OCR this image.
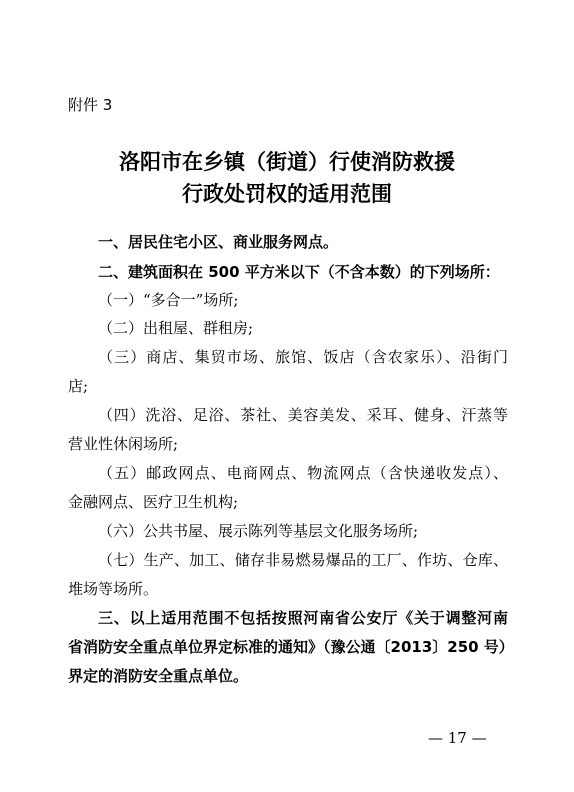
附件 3
洛阳市在乡镇（街道）行使消防救援
行政处罚权的适用范围
一、居民住宅小区、商业服务网点。
二、建筑面积在 500 平方米以下（不含本数）的下列场所：
（一）“多合一”场所;
（二）出租屋、群租房;
（三）商店、集贸市场、旅馆、饭店（含农家乐）、沿街门
店;
（四）洗浴、足浴、茶社、美容美发、采耳、健身、汗蒸等
营业性休闲场所;
（五）邮政网点、电商网点、物流网点（含快递收发点）、
金融网点、医疗卫生机构;
（六）公共书屋、展示陈列等基层文化服务场所;
（七）生产、加工、储存非易燃易爆品的工厂、作坊、仓库、
堆场等场所。
三、以上适用范围不包括按照河南省公安厅《关于调整河南
省消防安全重点单位界定标准的通知》（豫公通〔2013〕250 号）
界定的消防安全重点单位。
— 17 —
